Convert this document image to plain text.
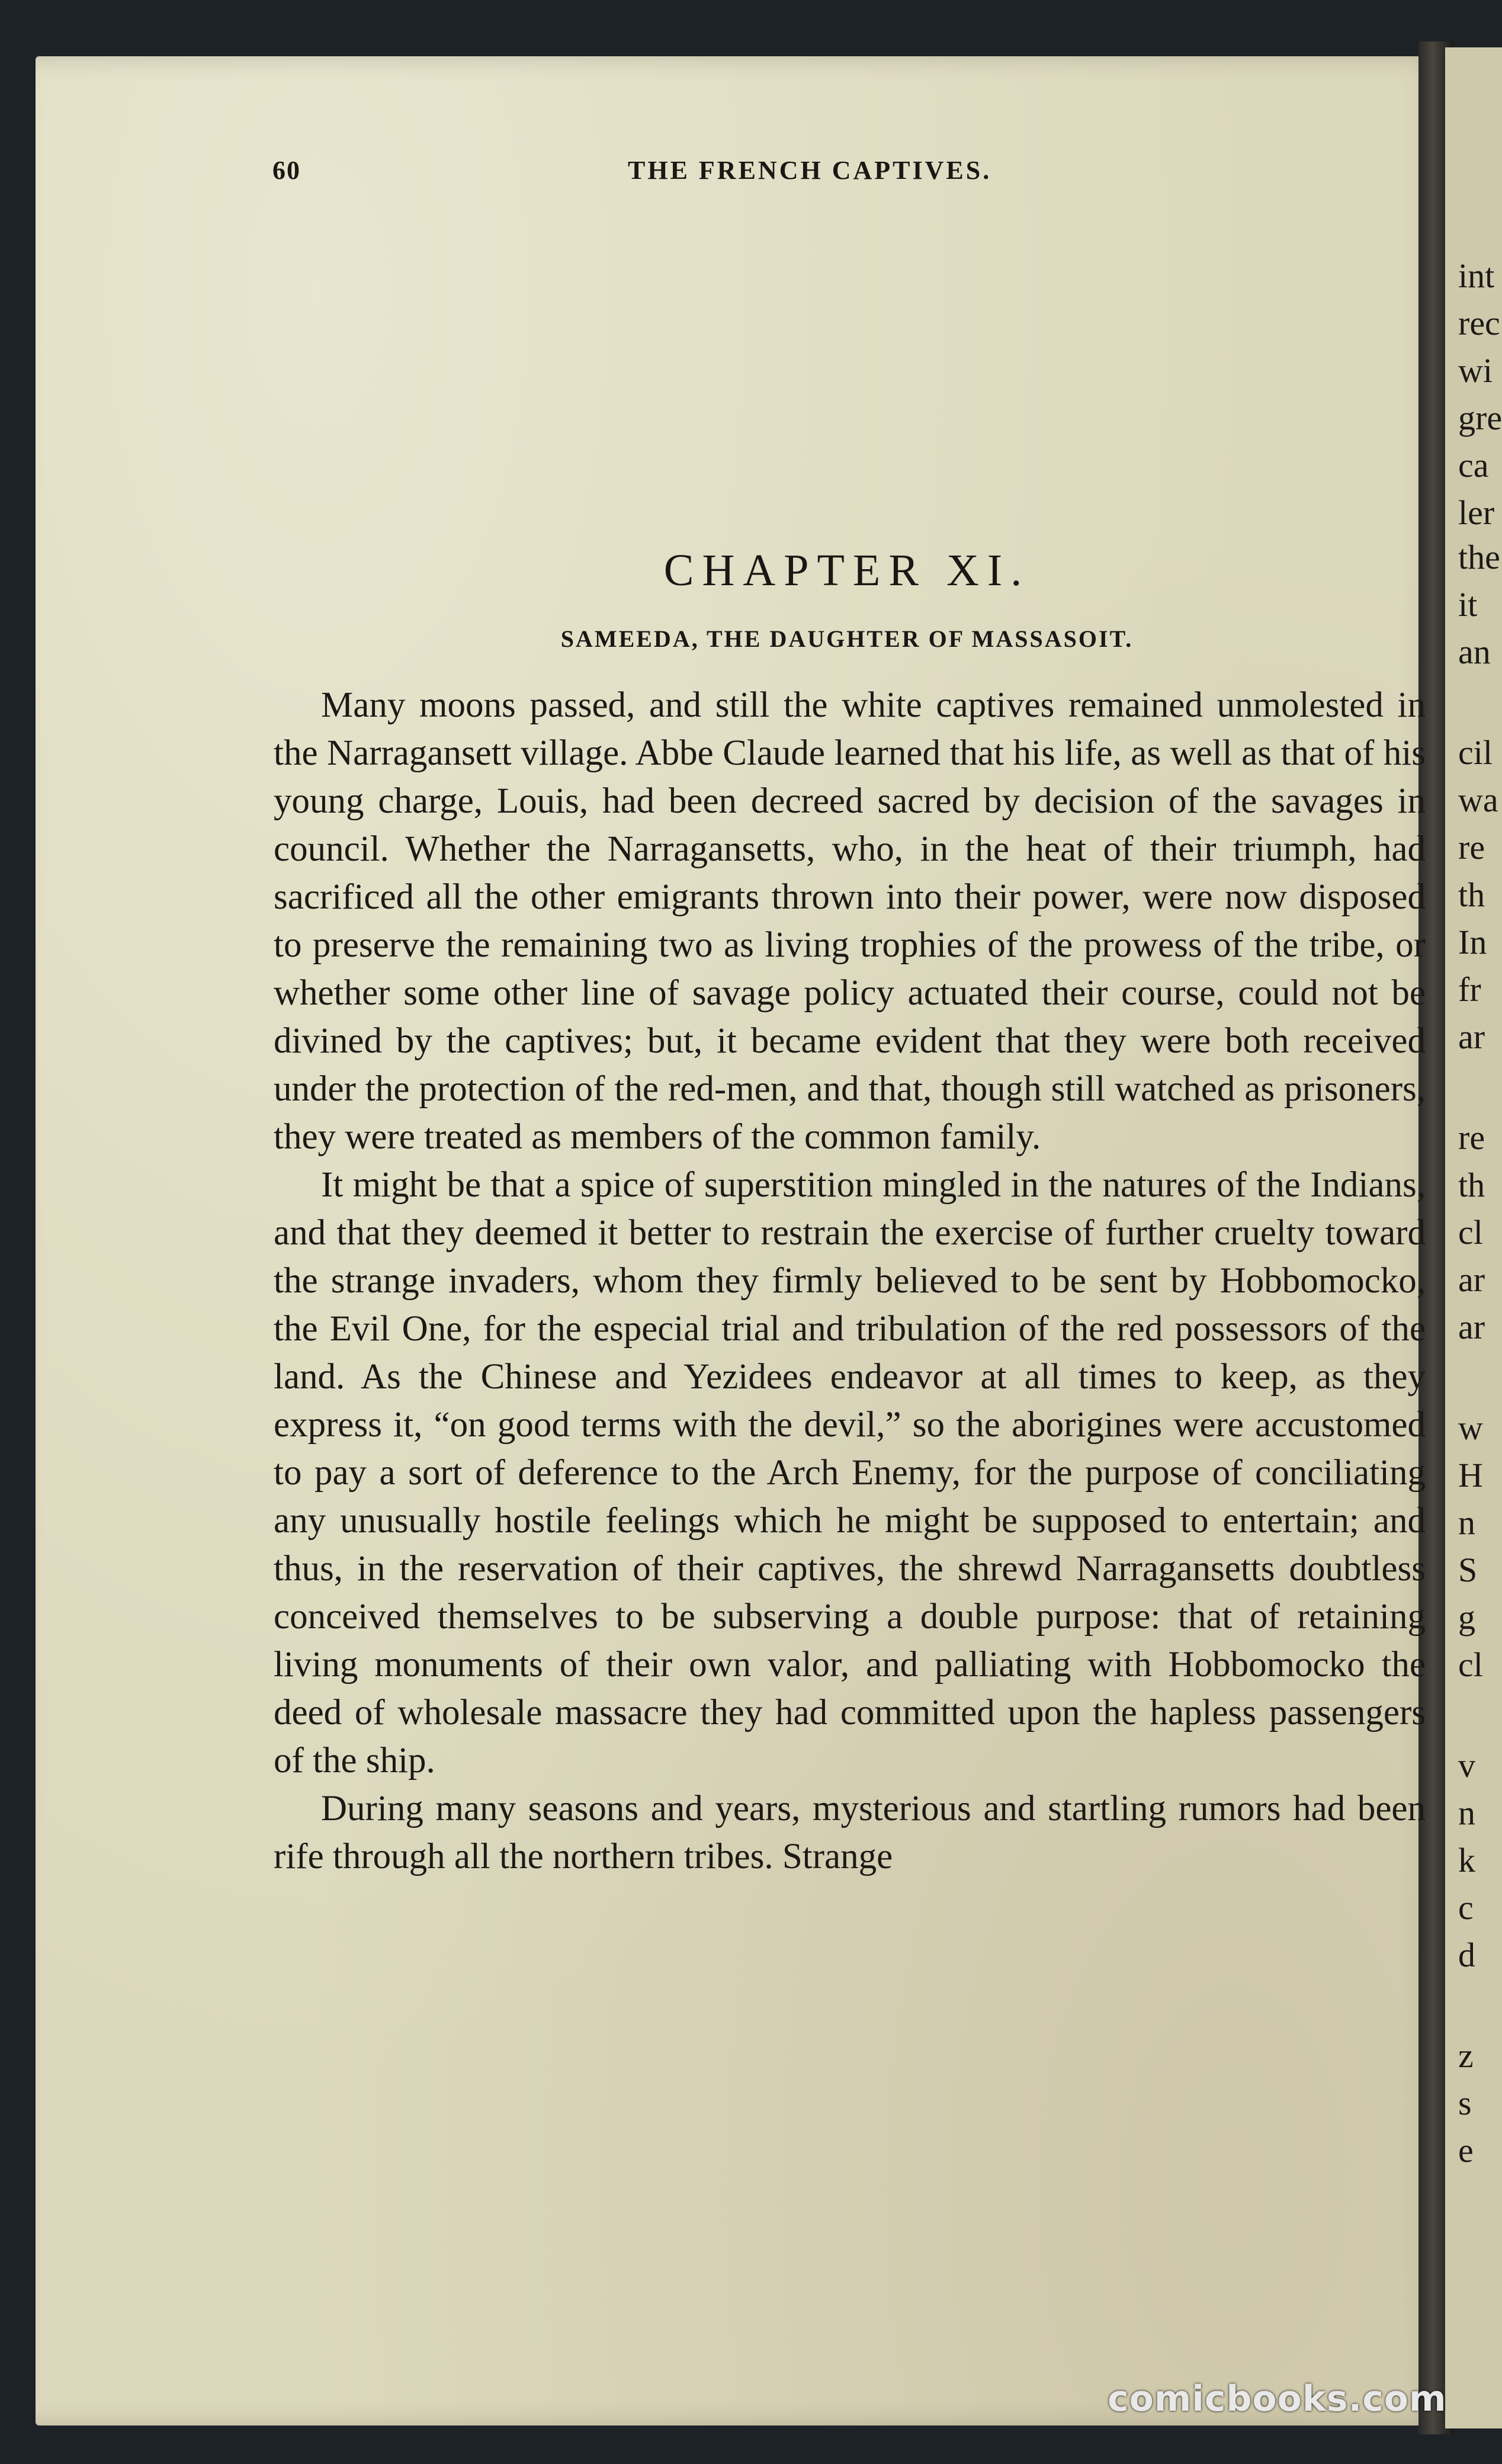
60	THE FRENCH CAPTIVES.
CHAPTER XI.
SAMEEDA, THE DAUGHTER OF MASSASOIT.

Many moons passed, and still the white captives remained unmolested in the Narragansett village. Abbe Claude learned that his life, as well as that of his young charge, Louis, had been decreed sacred by decision of the savages in council. Whether the Narragansetts, who, in the heat of their triumph, had sacrificed all the other emigrants thrown into their power, were now disposed to preserve the remaining two as living trophies of the prowess of the tribe, or whether some other line of savage policy actuated their course, could not be divined by the captives; but, it became evident that they were both received under the protection of the red-men, and that, though still watched as prisoners, they were treated as members of the common family.

It might be that a spice of superstition mingled in the natures of the Indians, and that they deemed it better to restrain the exercise of further cruelty toward the strange invaders, whom they firmly believed to be sent by Hobbomocko, the Evil One, for the especial trial and tribulation of the red possessors of the land. As the Chinese and Yezidees endeavor at all times to keep, as they express it, “on good terms with the devil,” so the aborigines were accustomed to pay a sort of deference to the Arch Enemy, for the purpose of conciliating any unusually hostile feelings which he might be supposed to entertain; and thus, in the reservation of their captives, the shrewd Narragansetts doubtless conceived themselves to be subserving a double purpose: that of retaining living monuments of their own valor, and palliating with Hobbomocko the deed of wholesale massacre they had committed upon the hapless passengers of the ship.

During many seasons and years, mysterious and startling rumors had been rife through all the northern tribes. Strange

int
rec
wi
gre
ca
ler
the
it
an
cil
wa
re
th
In
fr
ar
re
th
cl
ar
ar
w
H
n
S
g
cl
v
n
k
c
d
z
s
e
comicbooks.com
